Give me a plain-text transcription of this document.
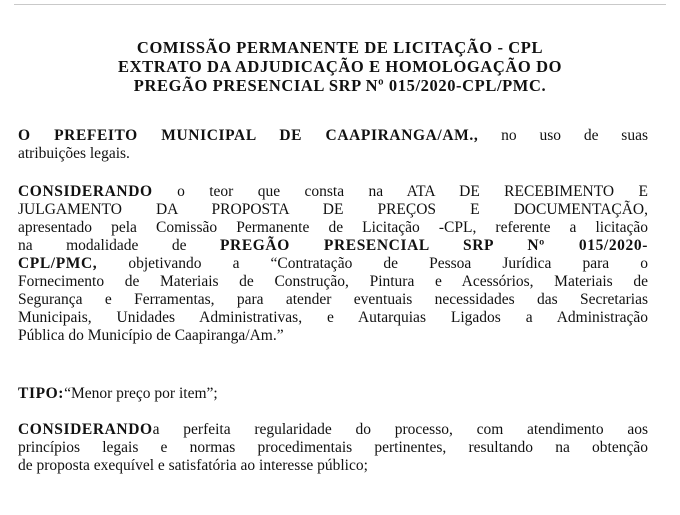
COMISSÃO PERMANENTE DE LICITAÇÃO - CPL
EXTRATO DA ADJUDICAÇÃO E HOMOLOGAÇÃO DO
PREGÃO PRESENCIAL SRP Nº 015/2020-CPL/PMC.
O PREFEITO MUNICIPAL DE CAAPIRANGA/AM., no uso de suas
atribuições legais.
CONSIDERANDO o teor que consta na ATA DE RECEBIMENTO E
JULGAMENTO DA PROPOSTA DE PREÇOS E DOCUMENTAÇÃO,
apresentado pela Comissão Permanente de Licitação -CPL, referente a licitação
na modalidade de PREGÃO PRESENCIAL SRP Nº 015/2020-
CPL/PMC, objetivando a “Contratação de Pessoa Jurídica para o
Fornecimento de Materiais de Construção, Pintura e Acessórios, Materiais de
Segurança e Ferramentas, para atender eventuais necessidades das Secretarias
Municipais, Unidades Administrativas, e Autarquias Ligados a Administração
Pública do Município de Caapiranga/Am.”
TIPO:“Menor preço por item”;
CONSIDERANDOa perfeita regularidade do processo, com atendimento aos
princípios legais e normas procedimentais pertinentes, resultando na obtenção
de proposta exequível e satisfatória ao interesse público;
